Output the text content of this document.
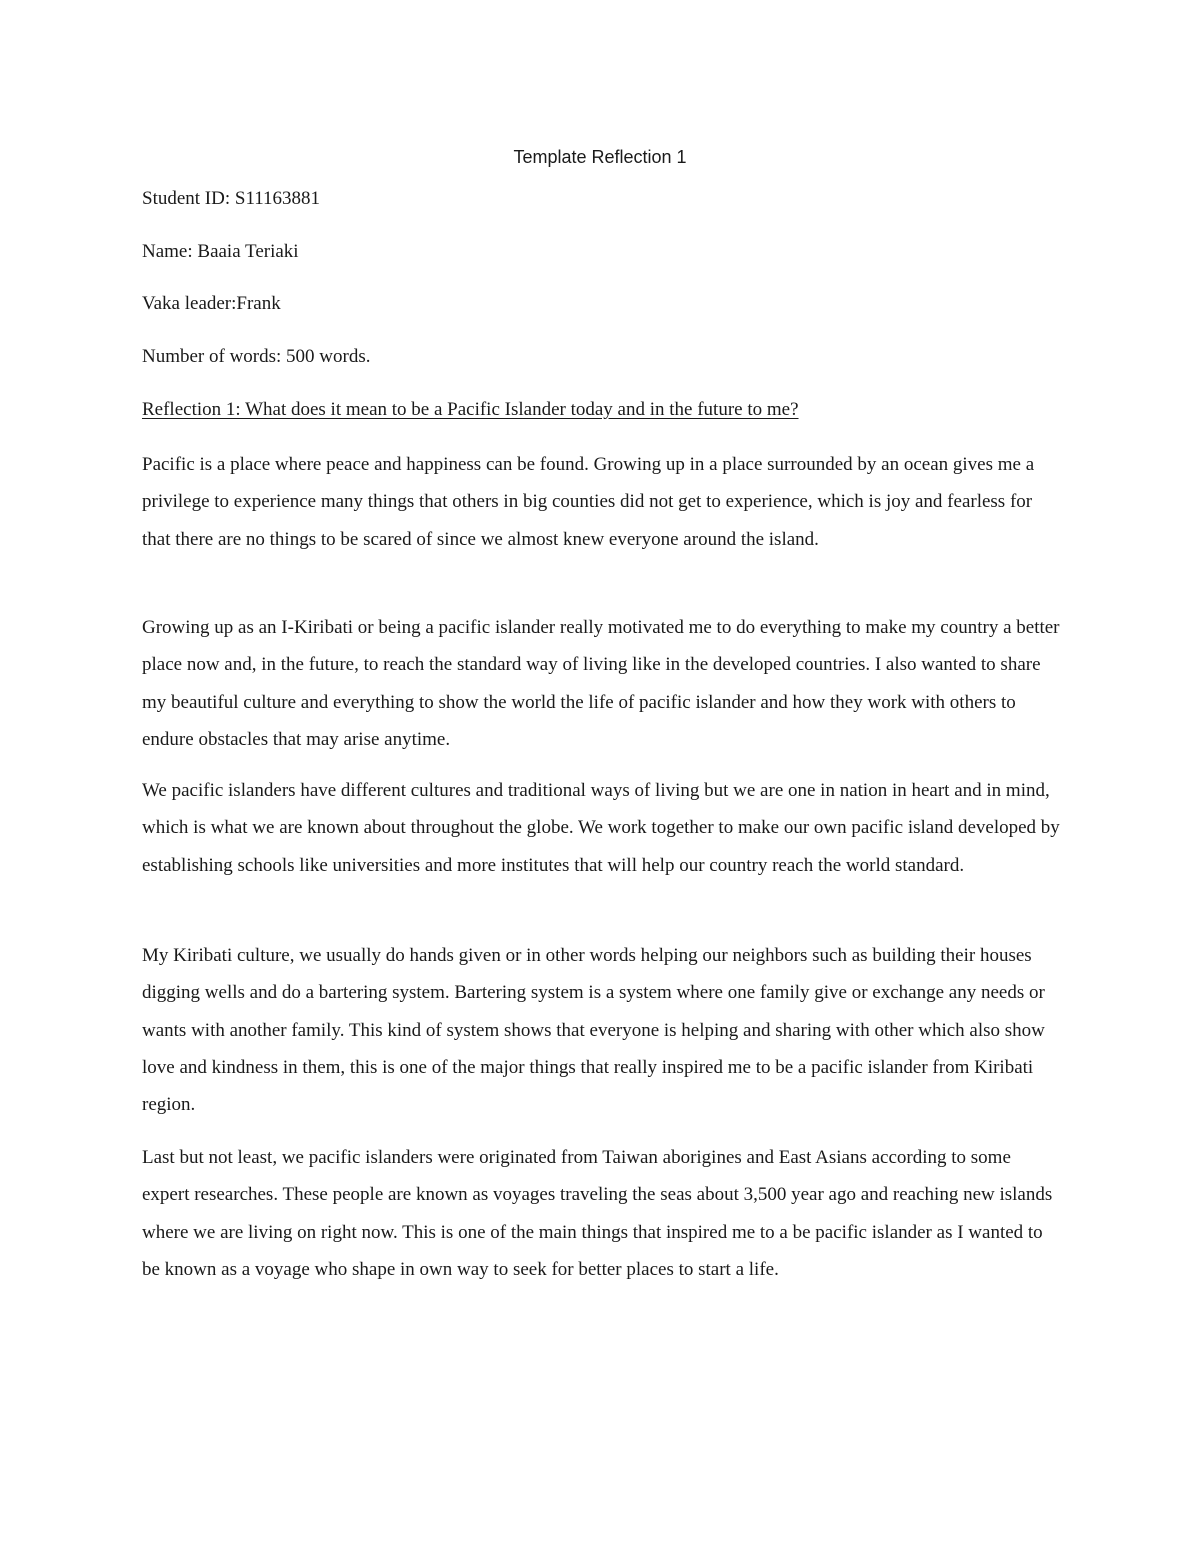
Template Reflection 1
Student ID: S11163881
Name: Baaia Teriaki
Vaka leader:Frank
Number of words: 500 words.
Reflection 1: What does it mean to be a Pacific Islander today and in the future to me?

Pacific is a place where peace and happiness can be found. Growing up in a place surrounded by an ocean gives me a privilege to experience many things that others in big counties did not get to experience, which is joy and fearless for that there are no things to be scared of since we almost knew everyone around the island.

Growing up as an I-Kiribati or being a pacific islander really motivated me to do everything to make my country a better place now and, in the future, to reach the standard way of living like in the developed countries. I also wanted to share my beautiful culture and everything to show the world the life of pacific islander and how they work with others to endure obstacles that may arise anytime.

We pacific islanders have different cultures and traditional ways of living but we are one in nation in heart and in mind, which is what we are known about throughout the globe. We work together to make our own pacific island developed by establishing schools like universities and more institutes that will help our country reach the world standard.

My Kiribati culture, we usually do hands given or in other words helping our neighbors such as building their houses digging wells and do a bartering system. Bartering system is a system where one family give or exchange any needs or wants with another family. This kind of system shows that everyone is helping and sharing with other which also show love and kindness in them, this is one of the major things that really inspired me to be a pacific islander from Kiribati region.

Last but not least, we pacific islanders were originated from Taiwan aborigines and East Asians according to some expert researches. These people are known as voyages traveling the seas about 3,500 year ago and reaching new islands where we are living on right now. This is one of the main things that inspired me to a be pacific islander as I wanted to be known as a voyage who shape in own way to seek for better places to start a life.
